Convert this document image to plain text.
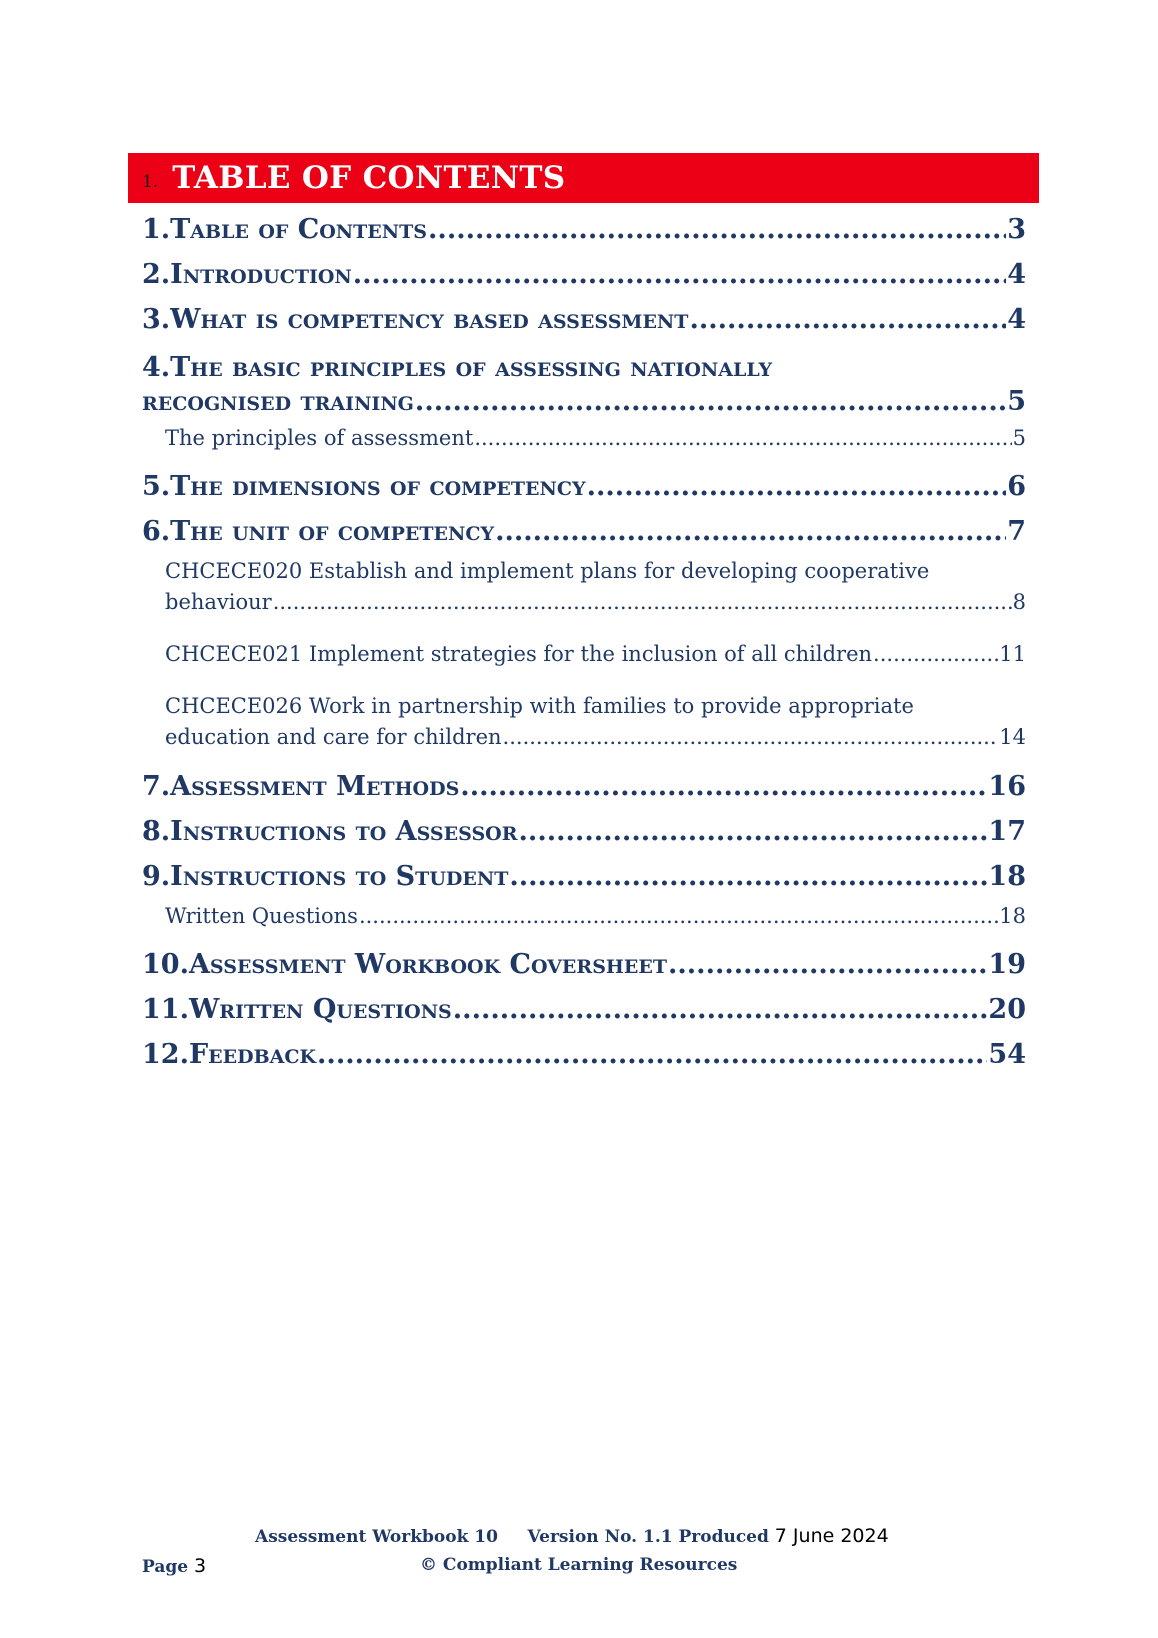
1. TABLE OF CONTENTS
1.Table of Contents .....	3
2.Introduction .....	4
3.What is competency based assessment .....	4
4.The basic principles of assessing nationally
recognised training .....	5
The principles of assessment .....	5
5.The dimensions of competency .....	6
6.The unit of competency .....	7
CHCECE020 Establish and implement plans for developing cooperative
behaviour .....	8
CHCECE021 Implement strategies for the inclusion of all children .....	11
CHCECE026 Work in partnership with families to provide appropriate
education and care for children .....	14
7.Assessment Methods .....	16
8.Instructions to Assessor .....	17
9.Instructions to Student .....	18
Written Questions .....	18
10.Assessment Workbook Coversheet .....	19
11.Written Questions .....	20
12.Feedback .....	54
Assessment Workbook 10 Version No. 1.1 Produced 7 June 2024
Page 3	© Compliant Learning Resources
